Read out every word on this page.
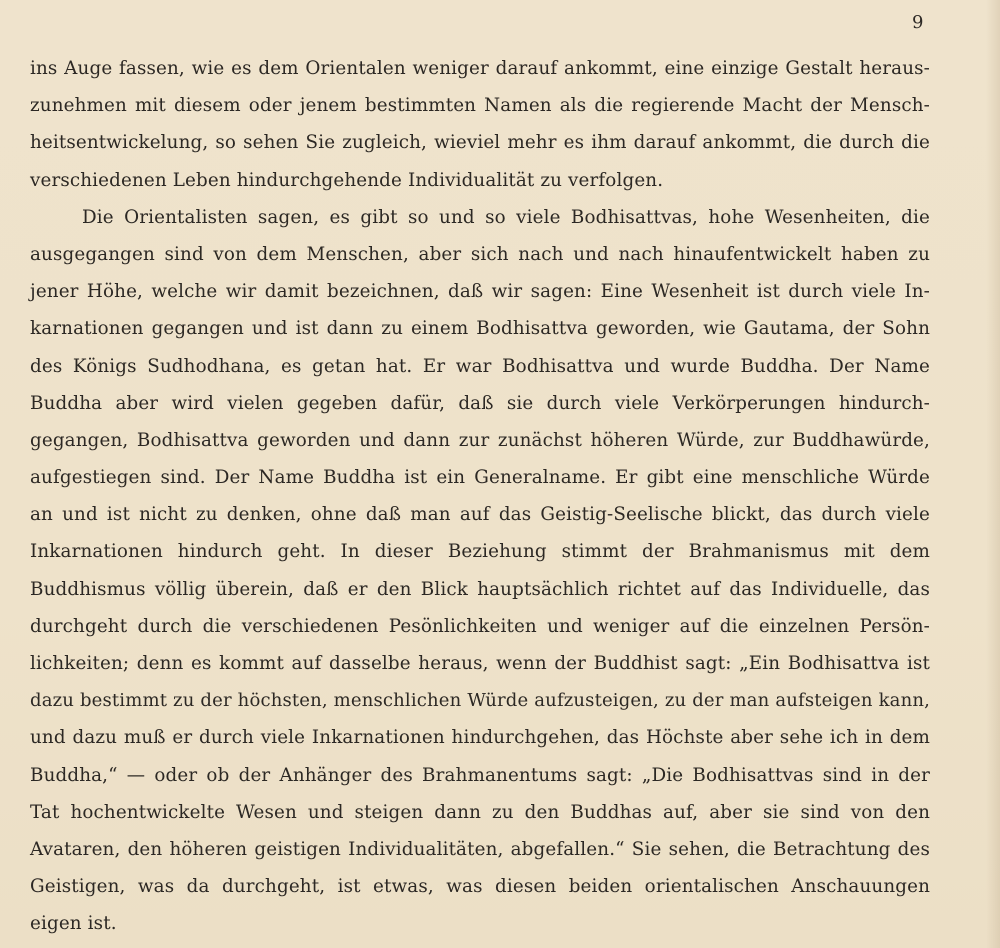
9
ins Auge fassen, wie es dem Orientalen weniger darauf ankommt, eine einzige Gestalt heraus-
zunehmen mit diesem oder jenem bestimmten Namen als die regierende Macht der Mensch-
heitsentwickelung, so sehen Sie zugleich, wieviel mehr es ihm darauf ankommt, die durch die
verschiedenen Leben hindurchgehende Individualität zu verfolgen.
Die Orientalisten sagen, es gibt so und so viele Bodhisattvas, hohe Wesenheiten, die
ausgegangen sind von dem Menschen, aber sich nach und nach hinaufentwickelt haben zu
jener Höhe, welche wir damit bezeichnen, daß wir sagen: Eine Wesenheit ist durch viele In-
karnationen gegangen und ist dann zu einem Bodhisattva geworden, wie Gautama, der Sohn
des Königs Sudhodhana, es getan hat. Er war Bodhisattva und wurde Buddha. Der Name
Buddha aber wird vielen gegeben dafür, daß sie durch viele Verkörperungen hindurch-
gegangen, Bodhisattva geworden und dann zur zunächst höheren Würde, zur Buddhawürde,
aufgestiegen sind. Der Name Buddha ist ein Generalname. Er gibt eine menschliche Würde
an und ist nicht zu denken, ohne daß man auf das Geistig-Seelische blickt, das durch viele
Inkarnationen hindurch geht. In dieser Beziehung stimmt der Brahmanismus mit dem
Buddhismus völlig überein, daß er den Blick hauptsächlich richtet auf das Individuelle, das
durchgeht durch die verschiedenen Pesönlichkeiten und weniger auf die einzelnen Persön-
lichkeiten; denn es kommt auf dasselbe heraus, wenn der Buddhist sagt: „Ein Bodhisattva ist
dazu bestimmt zu der höchsten, menschlichen Würde aufzusteigen, zu der man aufsteigen kann,
und dazu muß er durch viele Inkarnationen hindurchgehen, das Höchste aber sehe ich in dem
Buddha,“ — oder ob der Anhänger des Brahmanentums sagt: „Die Bodhisattvas sind in der
Tat hochentwickelte Wesen und steigen dann zu den Buddhas auf, aber sie sind von den
Avataren, den höheren geistigen Individualitäten, abgefallen.“ Sie sehen, die Betrachtung des
Geistigen, was da durchgeht, ist etwas, was diesen beiden orientalischen Anschauungen
eigen ist.
